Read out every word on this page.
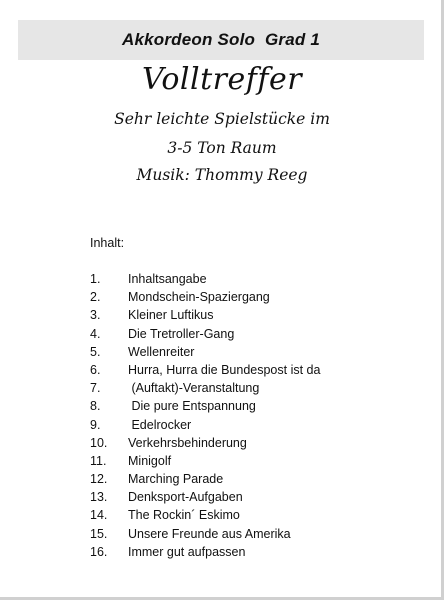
Akkordeon Solo  Grad 1
Volltreffer
Sehr leichte Spielstücke im
3-5 Ton Raum
Musik: Thommy Reeg
Inhalt:

1.

Inhaltsangabe

2.

Mondschein-Spaziergang

3.

Kleiner Luftikus

4.

Die Tretroller-Gang

5.

Wellenreiter

6.

Hurra, Hurra die Bundespost ist da

7.

(Auftakt)-Veranstaltung

8.

Die pure Entspannung

9.

Edelrocker

10.

Verkehrsbehinderung

11.

Minigolf

12.

Marching Parade

13.

Denksport-Aufgaben

14.

The Rockin´ Eskimo

15.

Unsere Freunde aus Amerika

16.

Immer gut aufpassen
